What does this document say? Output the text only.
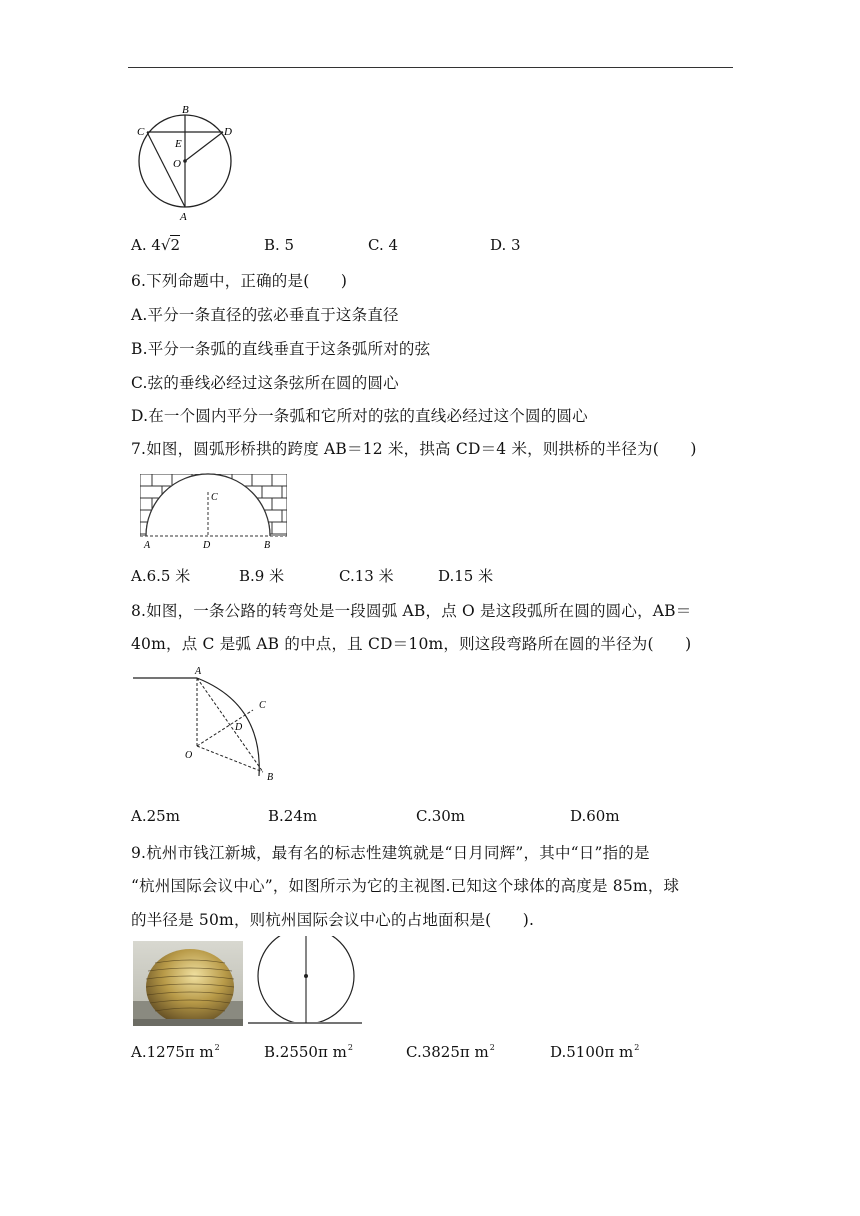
B
C	D
E
O
A
A. 4√2	B. 5	C. 4	D. 3
6.下列命题中，正确的是(　　)
A.平分一条直径的弦必垂直于这条直径
B.平分一条弧的直线垂直于这条弧所对的弦
C.弦的垂线必经过这条弦所在圆的圆心
D.在一个圆内平分一条弧和它所对的弦的直线必经过这个圆的圆心
7.如图，圆弧形桥拱的跨度 AB＝12 米，拱高 CD＝4 米，则拱桥的半径为(　　)
C
A	D	B
A.6.5 米	B.9 米	C.13 米	D.15 米
8.如图，一条公路的转弯处是一段圆弧 AB，点 O 是这段弧所在圆的圆心，AB＝
40m，点 C 是弧 AB 的中点，且 CD＝10m，则这段弯路所在圆的半径为(　　)
A
C
D
O
B
A.25m	B.24m	C.30m	D.60m
9.杭州市钱江新城，最有名的标志性建筑就是“日月同辉”，其中“日”指的是
“杭州国际会议中心”，如图所示为它的主视图.已知这个球体的高度是 85m，球
的半径是 50m，则杭州国际会议中心的占地面积是(　　).
A.1275π $m^2$	B.2550π $m^2$	C.3825π $m^2$	D.5100π $m^2$
